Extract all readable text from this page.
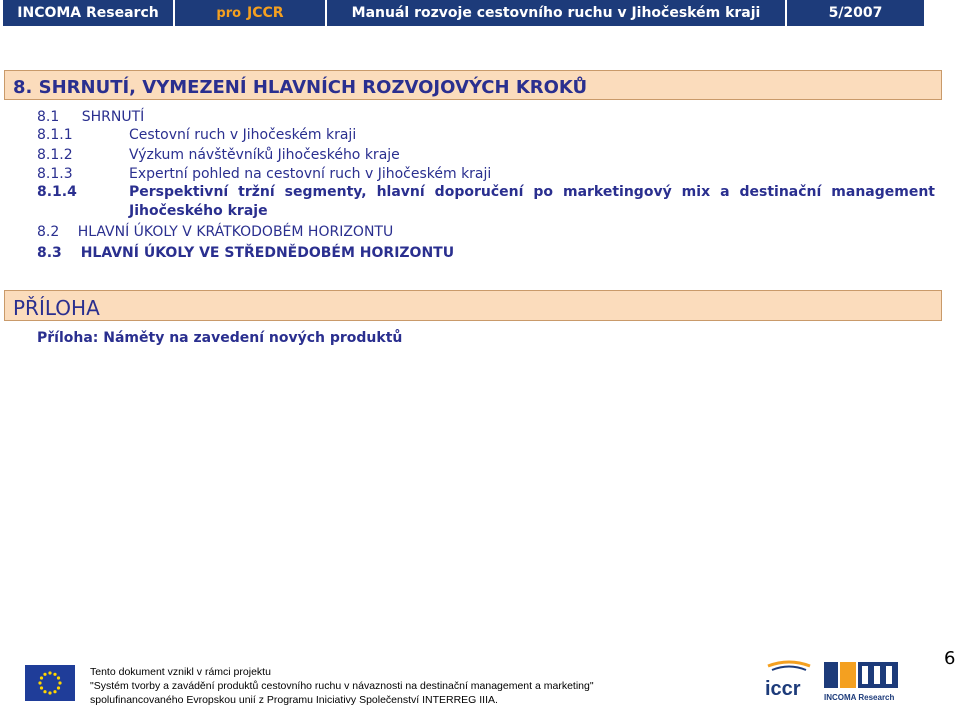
INCOMA Research	pro JCCR	Manuál rozvoje cestovního ruchu v Jihočeském kraji	5/2007
8. SHRNUTÍ, VYMEZENÍ HLAVNÍCH ROZVOJOVÝCH KROKŮ
8.1 SHRNUTÍ
8.1.1	Cestovní ruch v Jihočeském kraji
8.1.2	Výzkum návštěvníků Jihočeského kraje
8.1.3	Expertní pohled na cestovní ruch v Jihočeském kraji
8.1.4	Perspektivní tržní segmenty, hlavní doporučení po marketingový mix a destinační management
Jihočeského kraje
8.2 HLAVNÍ ÚKOLY V KRÁTKODOBÉM HORIZONTU
8.3 HLAVNÍ ÚKOLY VE STŘEDNĚDOBÉM HORIZONTU
PŘÍLOHA
Příloha: Náměty na zavedení nových produktů
Tento dokument vznikl v rámci projektu
"Systém tvorby a zavádění produktů cestovního ruchu v návaznosti na destinační management a marketing"
spolufinancovaného Evropskou unií z Programu Iniciativy Společenství INTERREG IIIA.	iccr	INCOMA Research
6
